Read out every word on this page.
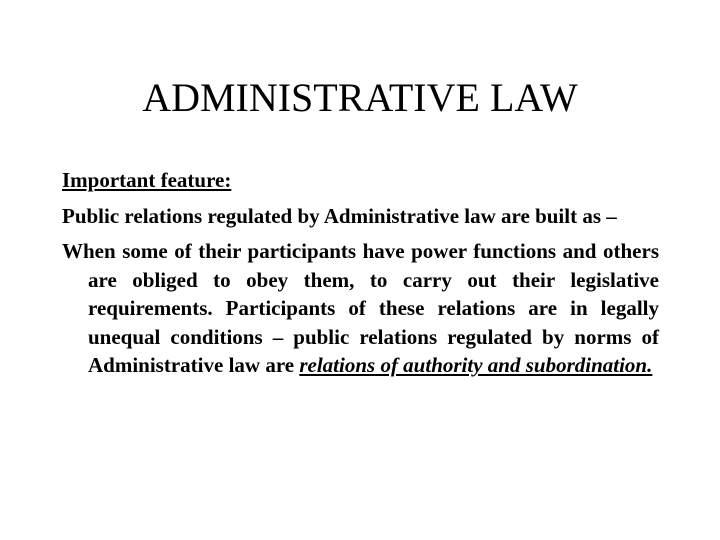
ADMINISTRATIVE LAW

Important feature:

Public relations regulated by Administrative law are built as –

When some of their participants have power functions and others are obliged to obey them, to carry out their legislative requirements. Participants of these relations are in legally unequal conditions – public relations regulated by norms of Administrative law are relations of authority and subordination.
